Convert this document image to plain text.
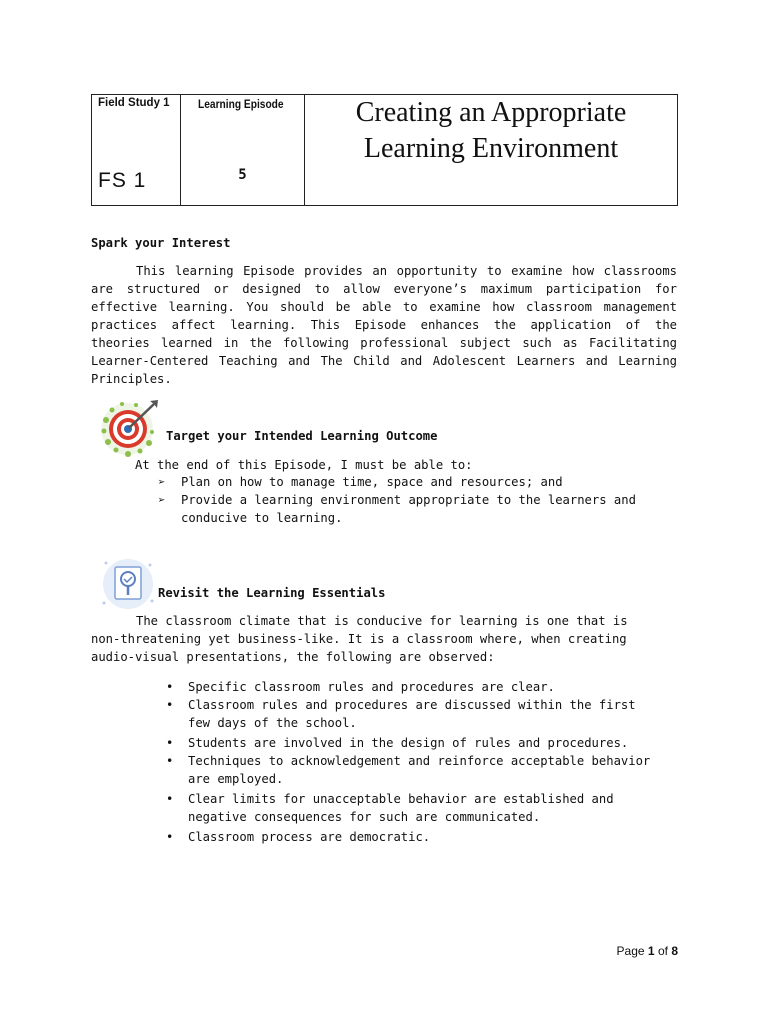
Field Study 1
FS 1
Learning Episode
5
Creating an Appropriate
Learning Environment
Spark your Interest
This learning Episode provides an opportunity to examine how classrooms
are structured or designed to allow everyone’s maximum participation for
effective learning. You should be able to examine how classroom management
practices affect learning. This Episode enhances the application of the
theories learned in the following professional subject such as Facilitating
Learner-Centered Teaching and The Child and Adolescent Learners and Learning
Principles.
Target your Intended Learning Outcome
At the end of this Episode, I must be able to:
➢ Plan on how to manage time, space and resources; and
➢ Provide a learning environment appropriate to the learners and
conducive to learning.
Revisit the Learning Essentials
The classroom climate that is conducive for learning is one that is
non-threatening yet business-like. It is a classroom where, when creating
audio-visual presentations, the following are observed:
• Specific classroom rules and procedures are clear.
• Classroom rules and procedures are discussed within the first
few days of the school.
• Students are involved in the design of rules and procedures.
• Techniques to acknowledgement and reinforce acceptable behavior
are employed.
• Clear limits for unacceptable behavior are established and
negative consequences for such are communicated.
• Classroom process are democratic.
Page 1 of 8
